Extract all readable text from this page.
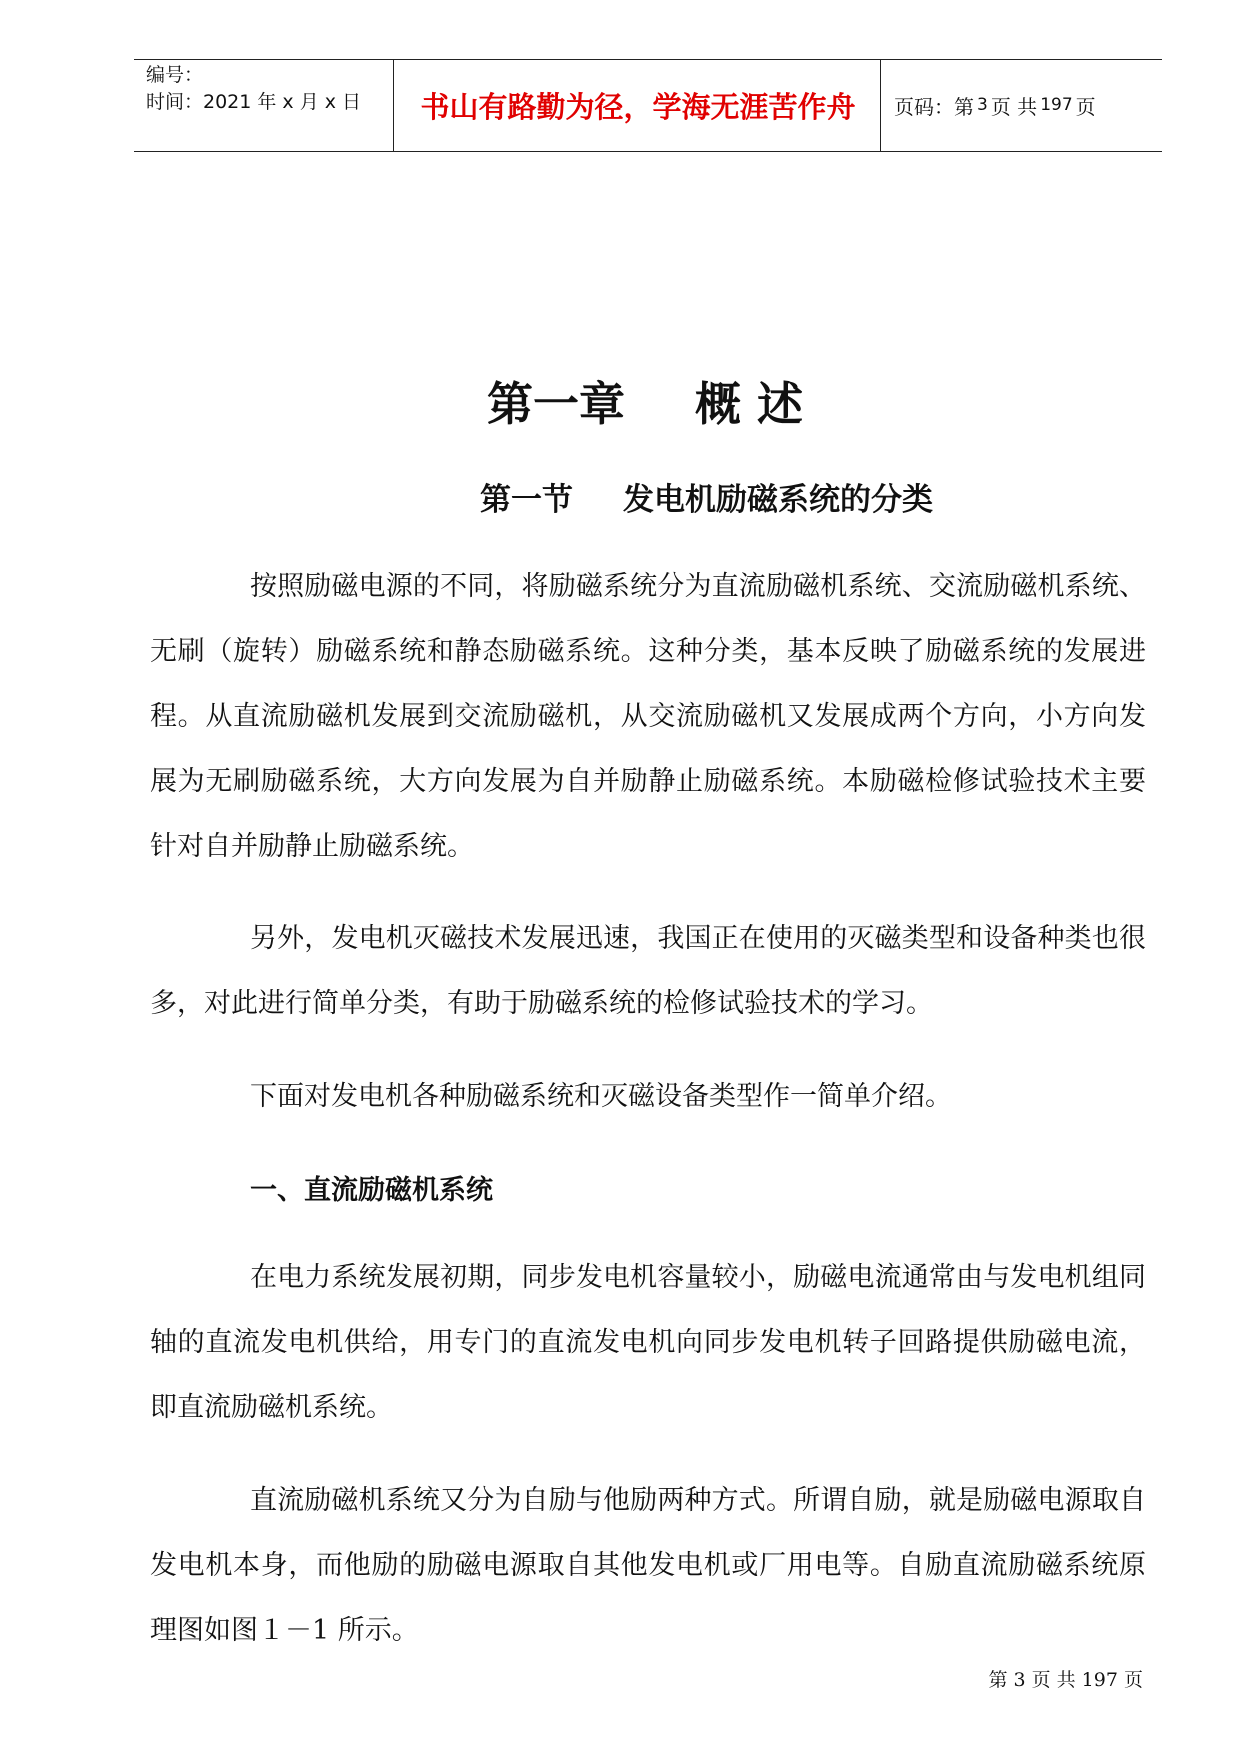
编号：
时间：2021 年 x 月 x 日	书山有路勤为径，学海无涯苦作舟	页码：第 3 页 共 197 页
第一章 概 述
第一节 发电机励磁系统的分类

按照励磁电源的不同，将励磁系统分为直流励磁机系统、交流励磁机系统、无刷（旋转）励磁系统和静态励磁系统。这种分类，基本反映了励磁系统的发展进程。从直流励磁机发展到交流励磁机，从交流励磁机又发展成两个方向，小方向发展为无刷励磁系统，大方向发展为自并励静止励磁系统。本励磁检修试验技术主要针对自并励静止励磁系统。

另外，发电机灭磁技术发展迅速，我国正在使用的灭磁类型和设备种类也很多，对此进行简单分类，有助于励磁系统的检修试验技术的学习。

下面对发电机各种励磁系统和灭磁设备类型作一简单介绍。

一、直流励磁机系统

在电力系统发展初期，同步发电机容量较小，励磁电流通常由与发电机组同轴的直流发电机供给，用专门的直流发电机向同步发电机转子回路提供励磁电流，即直流励磁机系统。

直流励磁机系统又分为自励与他励两种方式。所谓自励，就是励磁电源取自发电机本身，而他励的励磁电源取自其他发电机或厂用电等。自励直流励磁系统原理图如图１－1 所示。

第 3 页 共 197 页
